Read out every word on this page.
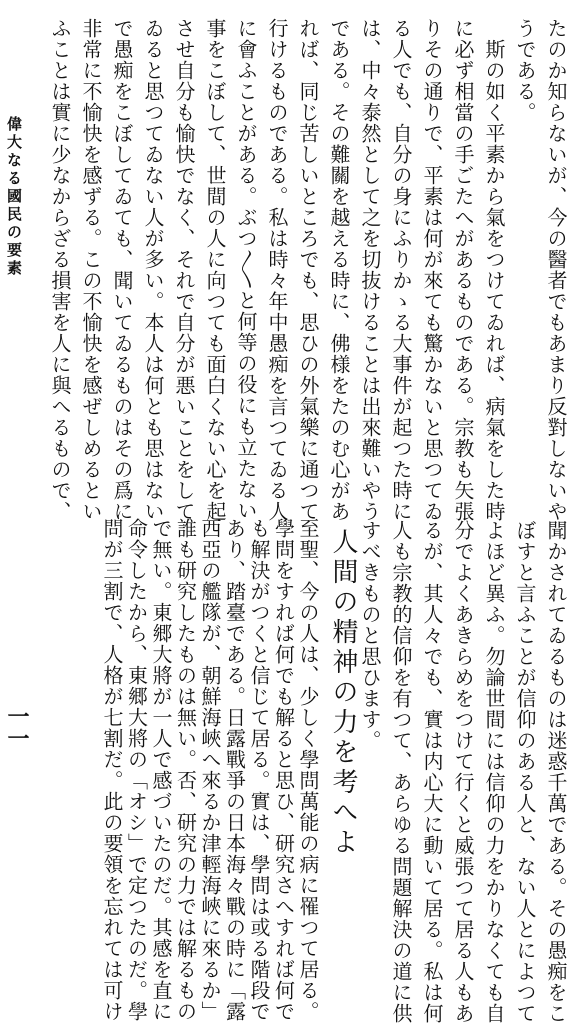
たのか知らないが、今の醫者でもあまり反對しないや
うである。
　斯の如く平素から氣をつけてゐれば、病氣をした時
に必ず相當の手ごたへがあるものである。宗教も矢張
りその通りで、平素は何が來ても驚かないと思つてゐ
る人でも、自分の身にふりかゝる大事件が起つた時に
は、中々泰然として之を切抜けることは出來難いやう
である。その難關を越える時に、佛様をたのむ心があ
れば、同じ苦しいところでも、思ひの外氣樂に通つて
行けるものである。私は時々年中愚痴を言つてゐる人
に會ふことがある。ぶつ〳〵と何等の役にも立たない
事をこぼして、世間の人に向つても面白くない心を起
させ自分も愉快でなく、それで自分が悪いことをして
ゐると思つてゐない人が多い。本人は何とも思はない
で愚痴をこぼしてゐても、聞いてゐるものはその爲に
非常に不愉快を感ずる。この不愉快を感ぜしめるとい
ふことは實に少なからざる損害を人に與へるもので、
聞かされてゐるものは迷惑千萬である。その愚痴をこ
ぼすと言ふことが信仰のある人と、ない人とによつて
よほど異ふ。勿論世間には信仰の力をかりなくても自
分でよくあきらめをつけて行くと威張つて居る人もあ
るが、其人々でも、實は内心大に動いて居る。私は何
人も宗教的信仰を有つて、あらゆる問題解決の道に供
すべきものと思ひます。
人間の精神の力を考へよ
至聖、今の人は、少しく學問萬能の病に罹つて居る。
學問をすれば何でも解ると思ひ、研究さへすれば何で
も解決がつくと信じて居る。實は、學問は或る階段で
あり、踏臺である。日露戰爭の日本海々戰の時に「露
西亞の艦隊が、朝鮮海峽へ來るか津輕海峽に來るか」
誰も研究したものは無い。否、研究の力では解るもの
で無い。東郷大將が一人で感づいたのだ。其感を直に
命令したから、東郷大將の「オシ」で定つたのだ。學
問が三割で、人格が七割だ。此の要領を忘れては可け
偉大なる國民の要素
一一
